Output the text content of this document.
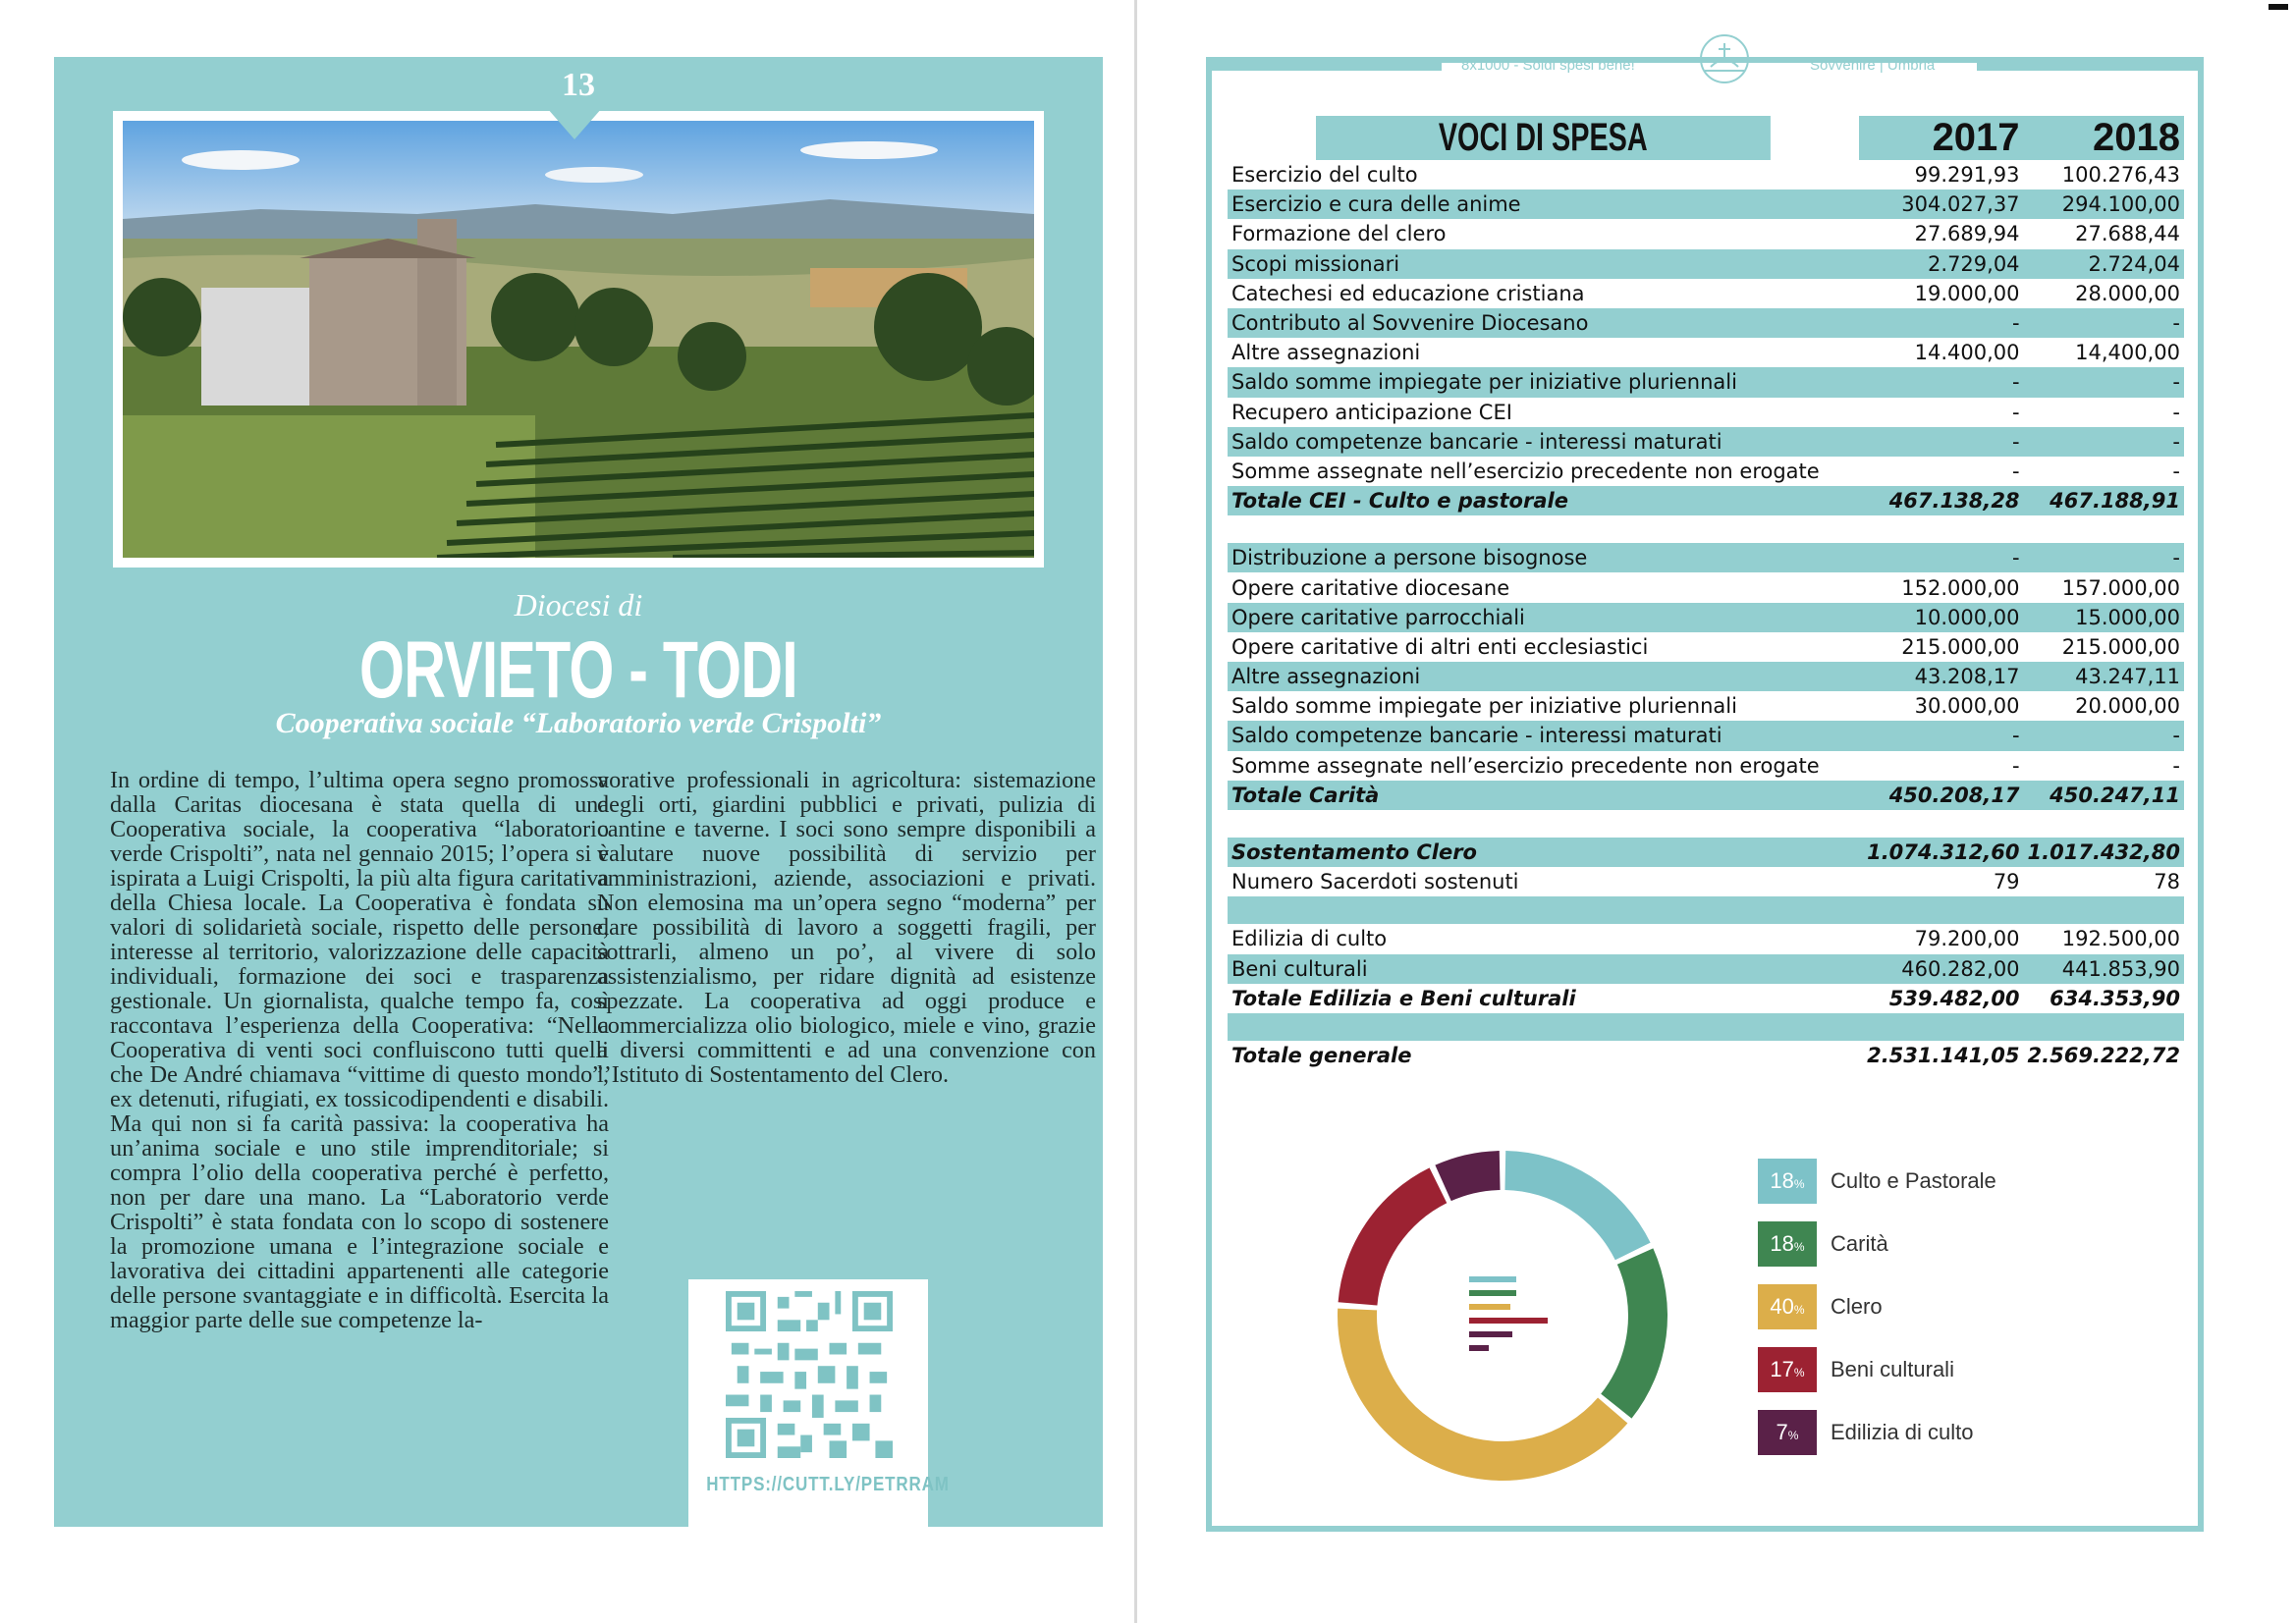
13
Diocesi di
ORVIETO - TODI
Cooperativa sociale “Laboratorio verde Crispolti”
In ordine di tempo, l’ultima opera segno promossa dalla Caritas diocesana è stata quella di una Cooperativa sociale, la cooperativa “laboratorio verde Crispolti”, nata nel gennaio 2015; l’opera si è ispirata a Luigi Crispolti, la più alta figura caritativa della Chiesa locale. La Cooperativa è fondata su valori di solidarietà sociale, rispetto delle persone, interesse al territorio, valorizzazione delle capacità individuali, formazione dei soci e trasparenza gestionale. Un giornalista, qualche tempo fa, così raccontava l’esperienza della Cooperativa: “Nella Cooperativa di venti soci confluiscono tutti quelli che De André chiamava “vittime di questo mondo”, ex detenuti, rifugiati, ex tossicodipendenti e disabili. Ma qui non si fa carità passiva: la cooperativa ha un’anima sociale e uno stile imprenditoriale; si compra l’olio della cooperativa perché è perfetto, non per dare una mano. La “Laboratorio verde Crispolti” è stata fondata con lo scopo di sostenere la promozione umana e l’integrazione sociale e lavorativa dei cittadini appartenenti alle categorie delle persone svantaggiate e in difficoltà. Esercita la maggior parte delle sue competenze la-
vorative professionali in agricoltura: sistemazione degli orti, giardini pubblici e privati, pulizia di cantine e taverne. I soci sono sempre disponibili a valutare nuove possibilità di servizio per amministrazioni, aziende, associazioni e privati. Non elemosina ma un’opera segno “moderna” per dare possibilità di lavoro a soggetti fragili, per sottrarli, almeno un po’, al vivere di solo assistenzialismo, per ridare dignità ad esistenze spezzate. La cooperativa ad oggi produce e commercializza olio biologico, miele e vino, grazie a diversi committenti e ad una convenzione con l’Istituto di Sostentamento del Clero.
HTTPS://CUTT.LY/PETRRAM
8x1000 - Soldi spesi bene!	Sovvenire | Umbria
VOCI DI SPESA	2017	2018
Esercizio del culto	99.291,93	100.276,43
Esercizio e cura delle anime	304.027,37	294.100,00
Formazione del clero	27.689,94	27.688,44
Scopi missionari	2.729,04	2.724,04
Catechesi ed educazione cristiana	19.000,00	28.000,00
Contributo al Sovvenire Diocesano	-	-
Altre assegnazioni	14.400,00	14,400,00
Saldo somme impiegate per iniziative pluriennali	-	-
Recupero anticipazione CEI	-	-
Saldo competenze bancarie - interessi maturati	-	-
Somme assegnate nell’esercizio precedente non erogate	-	-
Totale CEI - Culto e pastorale	467.138,28	467.188,91

Distribuzione a persone bisognose	-	-
Opere caritative diocesane	152.000,00	157.000,00
Opere caritative parrocchiali	10.000,00	15.000,00
Opere caritative di altri enti ecclesiastici	215.000,00	215.000,00
Altre assegnazioni	43.208,17	43.247,11
Saldo somme impiegate per iniziative pluriennali	30.000,00	20.000,00
Saldo competenze bancarie - interessi maturati	-	-
Somme assegnate nell’esercizio precedente non erogate	-	-
Totale Carità	450.208,17	450.247,11

Sostentamento Clero	1.074.312,60	1.017.432,80
Numero Sacerdoti sostenuti	79	78

Edilizia di culto	79.200,00	192.500,00
Beni culturali	460.282,00	441.853,90
Totale Edilizia e Beni culturali	539.482,00	634.353,90

Totale generale	2.531.141,05	2.569.222,72
18%	Culto e Pastorale
18%	Carità
40%	Clero
17%	Beni culturali
7%	Edilizia di culto
